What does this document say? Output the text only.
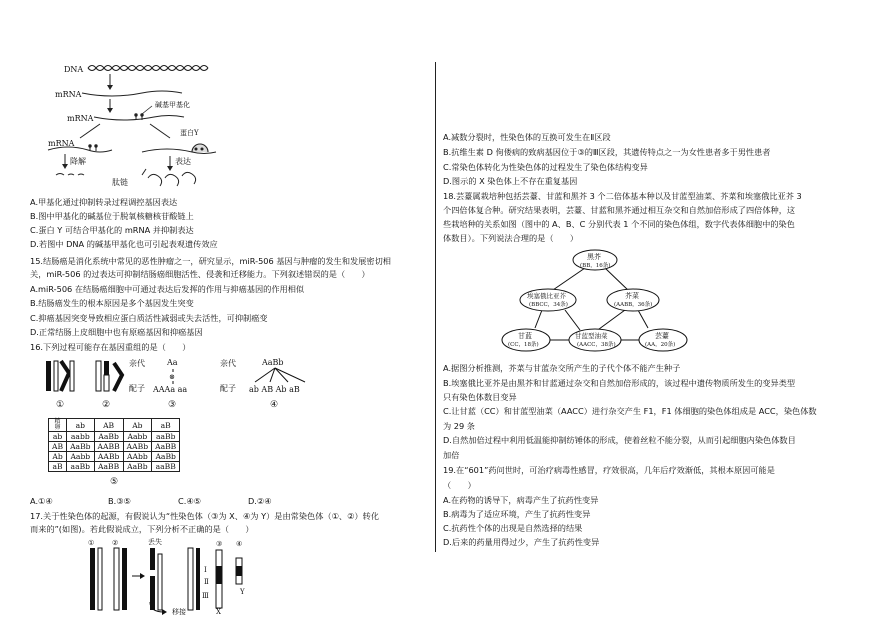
DNA
mRNA
碱基甲基化
mRNA
mRNA
蛋白Y
降解	表达
肽链
A.甲基化通过抑制转录过程调控基因表达
B.图中甲基化的碱基位于脱氧核糖核苷酸链上
C.蛋白 Y 可结合甲基化的 mRNA 并抑制表达
D.若图中 DNA 的碱基甲基化也可引起表观遗传效应
15.结肠癌是消化系统中常见的恶性肿瘤之一，研究显示，miR-506 基因与肿瘤的发生和发展密切相
关，miR-506 的过表达可抑制结肠癌细胞活性、侵袭和迁移能力。下列叙述错误的是（　　）
A.miR-506 在结肠癌细胞中可通过表达后发挥的作用与抑癌基因的作用相似
B.结肠癌发生的根本原因是多个基因发生突变
C.抑癌基因突变导致相应蛋白质活性减弱或失去活性，可抑制癌变
D.正常结肠上皮细胞中也有原癌基因和抑癌基因
16.下列过程可能存在基因重组的是（　　）
①	②
亲代
配子
Aa
⊗
AAAa aa
③
亲代
配子
AaBb
ab AB Ab aB
④
精
卵	ab	AB	Ab	aB
ab	aabb	AaBb	Aabb	aaBb
AB	AaBb	AABB	AABb	AaBB
Ab	Aabb	AABb	AAbb	AaBb
aB	aaBb	AaBB	AaBb	aaBB
⑤
A.①④	B.③⑤	C.④⑤	D.②④
17.关于性染色体的起源，有假说认为“性染色体（③为 X、④为 Y）是由常染色体（①、②）转化
而来的”(如图)。若此假说成立，下列分析不正确的是（　　）
①	②	丢失
移接
③ ④
Ⅰ
Ⅱ
Ⅲ	Y
X
A.减数分裂时，性染色体的互换可发生在Ⅱ区段
B.抗维生素 D 佝偻病的致病基因位于③的Ⅲ区段，其遗传特点之一为女性患者多于男性患者
C.常染色体转化为性染色体的过程发生了染色体结构变异
D.图示的 X 染色体上不存在重复基因
18.芸薹属栽培种包括芸薹、甘蓝和黑芥 3 个二倍体基本种以及甘蓝型油菜、芥菜和埃塞俄比亚芥 3
个四倍体复合种。研究结果表明，芸薹、甘蓝和黑芥通过相互杂交和自然加倍形成了四倍体种，这
些栽培种的关系如图（图中的 A、B、C 分别代表 1 个不同的染色体组，数字代表体细胞中的染色
体数目）。下列说法合理的是（　　）
黑芥
(BB，16条)
埃塞俄比亚芥
(BBCC，34条)
芥菜
(AABB，36条)
甘蓝
(CC，18条)
甘蓝型油菜
(AACC，38条)
芸薹
(AA，20条)
A.据图分析推测，芥菜与甘蓝杂交所产生的子代个体不能产生种子
B.埃塞俄比亚芥是由黑芥和甘蓝通过杂交和自然加倍形成的，该过程中遗传物质所发生的变异类型
只有染色体数目变异
C.让甘蓝（CC）和甘蓝型油菜（AACC）进行杂交产生 F1，F1 体细胞的染色体组成是 ACC，染色体数
为 29 条
D.自然加倍过程中利用低温能抑制纺锤体的形成，使着丝粒不能分裂，从而引起细胞内染色体数目
加倍
19.在“601”药问世时，可治疗病毒性感冒，疗效很高，几年后疗效渐低，其根本原因可能是
（　　）
A.在药物的诱导下，病毒产生了抗药性变异
B.病毒为了适应环境，产生了抗药性变异
C.抗药性个体的出现是自然选择的结果
D.后来的药量用得过少，产生了抗药性变异
